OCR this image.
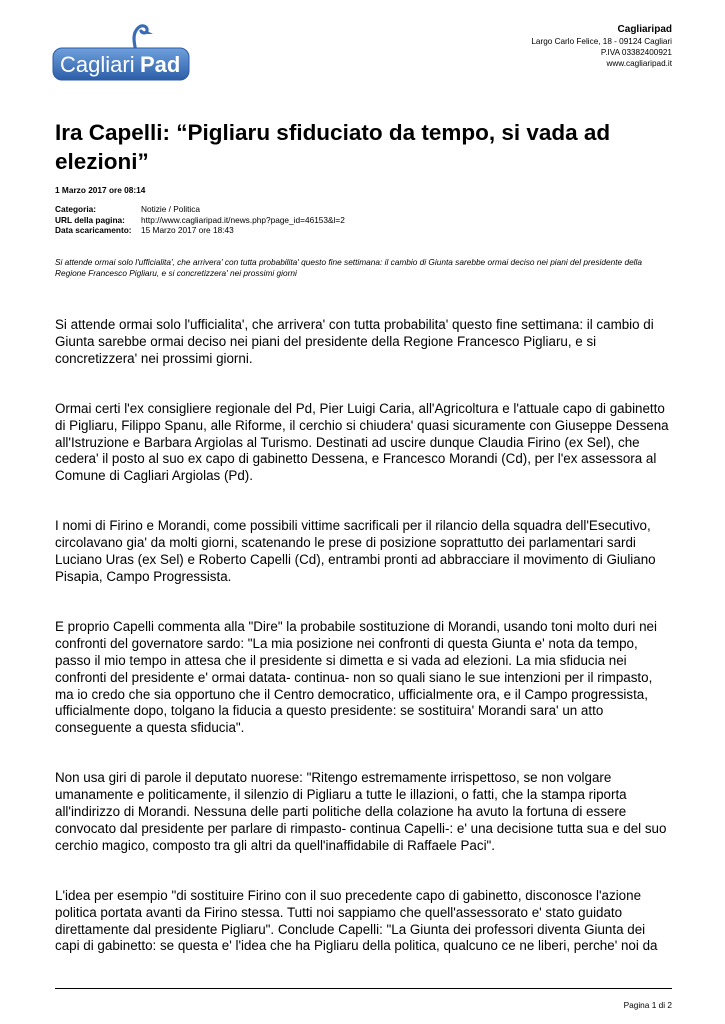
Cagliari Pad
Cagliaripad
Largo Carlo Felice, 18 - 09124 Cagliari
P.IVA 03382400921
www.cagliaripad.it
Ira Capelli: “Pigliaru sfiduciato da tempo, si vada ad elezioni”
1 Marzo 2017 ore 08:14
Categoria:	Notizie / Politica
URL della pagina:	http://www.cagliaripad.it/news.php?page_id=46153&l=2
Data scaricamento:	15 Marzo 2017 ore 18:43
Si attende ormai solo l'ufficialita', che arrivera' con tutta probabilita' questo fine settimana: il cambio di Giunta sarebbe ormai deciso nei piani del presidente della Regione Francesco Pigliaru, e si concretizzera' nei prossimi giorni

Si attende ormai solo l'ufficialita', che arrivera' con tutta probabilita' questo fine settimana: il cambio di Giunta sarebbe ormai deciso nei piani del presidente della Regione Francesco Pigliaru, e si concretizzera' nei prossimi giorni.

Ormai certi l'ex consigliere regionale del Pd, Pier Luigi Caria, all'Agricoltura e l'attuale capo di gabinetto di Pigliaru, Filippo Spanu, alle Riforme, il cerchio si chiudera' quasi sicuramente con Giuseppe Dessena all'Istruzione e Barbara Argiolas al Turismo. Destinati ad uscire dunque Claudia Firino (ex Sel), che cedera' il posto al suo ex capo di gabinetto Dessena, e Francesco Morandi (Cd), per l'ex assessora al Comune di Cagliari Argiolas (Pd).

I nomi di Firino e Morandi, come possibili vittime sacrificali per il rilancio della squadra dell'Esecutivo, circolavano gia' da molti giorni, scatenando le prese di posizione soprattutto dei parlamentari sardi Luciano Uras (ex Sel) e Roberto Capelli (Cd), entrambi pronti ad abbracciare il movimento di Giuliano Pisapia, Campo Progressista.

E proprio Capelli commenta alla "Dire" la probabile sostituzione di Morandi, usando toni molto duri nei confronti del governatore sardo: "La mia posizione nei confronti di questa Giunta e' nota da tempo, passo il mio tempo in attesa che il presidente si dimetta e si vada ad elezioni. La mia sfiducia nei confronti del presidente e' ormai datata- continua- non so quali siano le sue intenzioni per il rimpasto, ma io credo che sia opportuno che il Centro democratico, ufficialmente ora, e il Campo progressista, ufficialmente dopo, tolgano la fiducia a questo presidente: se sostituira' Morandi sara' un atto conseguente a questa sfiducia".

Non usa giri di parole il deputato nuorese: "Ritengo estremamente irrispettoso, se non volgare umanamente e politicamente, il silenzio di Pigliaru a tutte le illazioni, o fatti, che la stampa riporta all'indirizzo di Morandi. Nessuna delle parti politiche della colazione ha avuto la fortuna di essere convocato dal presidente per parlare di rimpasto- continua Capelli-: e' una decisione tutta sua e del suo cerchio magico, composto tra gli altri da quell'inaffidabile di Raffaele Paci".

L'idea per esempio "di sostituire Firino con il suo precedente capo di gabinetto, disconosce l'azione politica portata avanti da Firino stessa. Tutti noi sappiamo che quell'assessorato e' stato guidato direttamente dal presidente Pigliaru". Conclude Capelli: "La Giunta dei professori diventa Giunta dei capi di gabinetto: se questa e' l'idea che ha Pigliaru della politica, qualcuno ce ne liberi, perche' noi da

Pagina 1 di 2
